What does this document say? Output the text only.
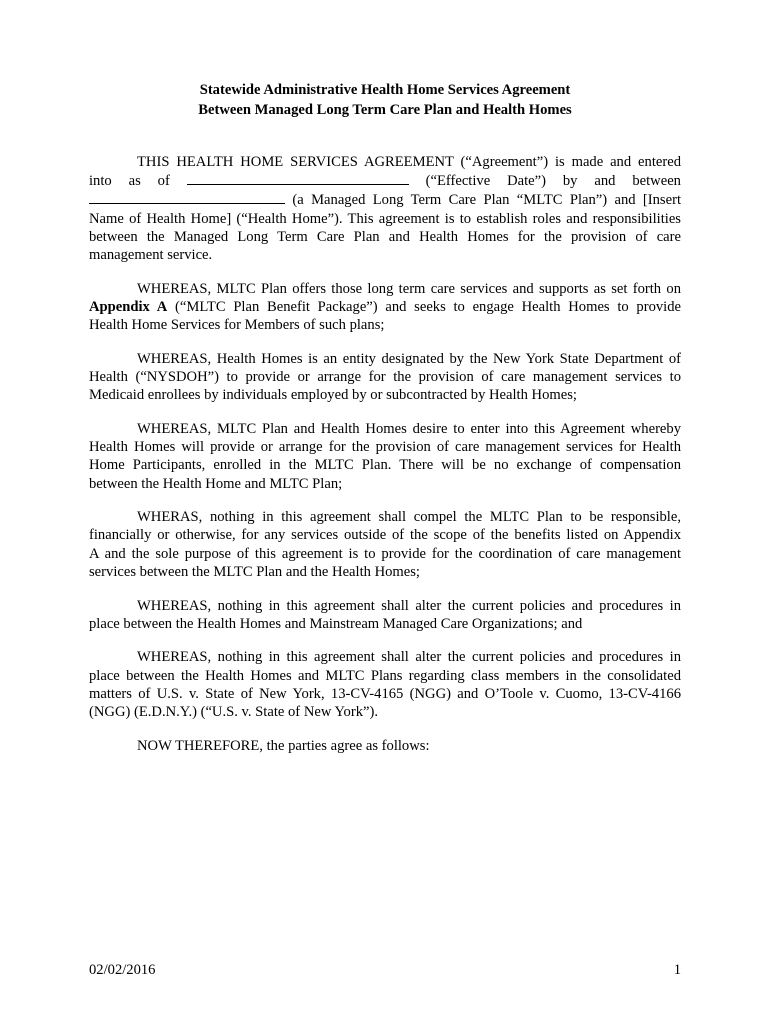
Statewide Administrative Health Home Services Agreement
Between Managed Long Term Care Plan and Health Homes
THIS HEALTH HOME SERVICES AGREEMENT (“Agreement”) is made and entered
into as of	(“Effective Date”) by and between
(a Managed Long Term Care Plan “MLTC Plan”) and [Insert
Name of Health Home] (“Health Home”). This agreement is to establish roles and responsibilities
between the Managed Long Term Care Plan and Health Homes for the provision of care
management service.
WHEREAS, MLTC Plan offers those long term care services and supports as set forth on
Appendix A (“MLTC Plan Benefit Package”) and seeks to engage Health Homes to provide
Health Home Services for Members of such plans;
WHEREAS, Health Homes is an entity designated by the New York State Department of
Health (“NYSDOH”) to provide or arrange for the provision of care management services to
Medicaid enrollees by individuals employed by or subcontracted by Health Homes;
WHEREAS, MLTC Plan and Health Homes desire to enter into this Agreement whereby
Health Homes will provide or arrange for the provision of care management services for Health
Home Participants, enrolled in the MLTC Plan. There will be no exchange of compensation
between the Health Home and MLTC Plan;
WHERAS, nothing in this agreement shall compel the MLTC Plan to be responsible,
financially or otherwise, for any services outside of the scope of the benefits listed on Appendix
A and the sole purpose of this agreement is to provide for the coordination of care management
services between the MLTC Plan and the Health Homes;
WHEREAS, nothing in this agreement shall alter the current policies and procedures in
place between the Health Homes and Mainstream Managed Care Organizations; and
WHEREAS, nothing in this agreement shall alter the current policies and procedures in
place between the Health Homes and MLTC Plans regarding class members in the consolidated
matters of U.S. v. State of New York, 13-CV-4165 (NGG) and O’Toole v. Cuomo, 13-CV-4166
(NGG) (E.D.N.Y.) (“U.S. v. State of New York”).
NOW THEREFORE, the parties agree as follows:
02/02/2016	1
